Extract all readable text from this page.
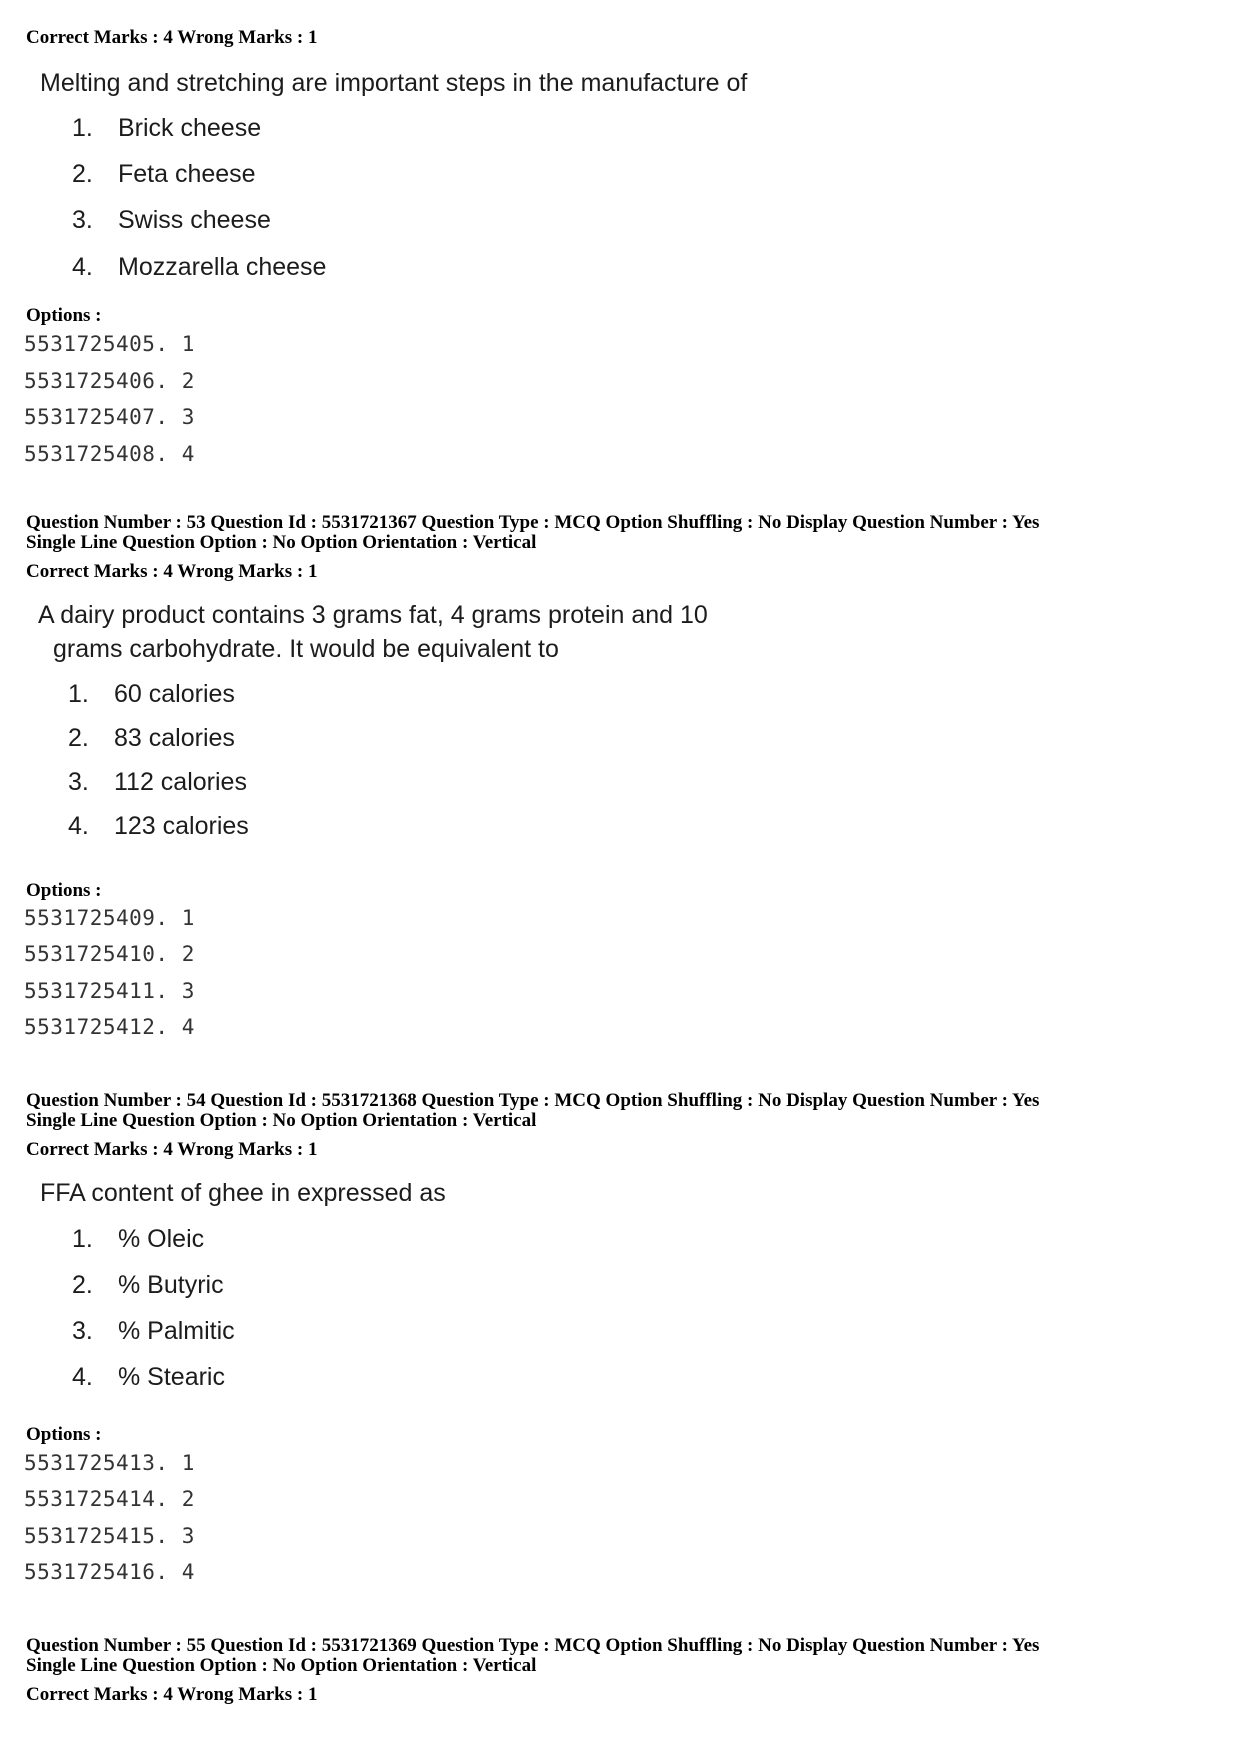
Correct Marks : 4 Wrong Marks : 1
Melting and stretching are important steps in the manufacture of
1. Brick cheese
2. Feta cheese
3. Swiss cheese
4. Mozzarella cheese
Options :
5531725405. 1
5531725406. 2
5531725407. 3
5531725408. 4
Question Number : 53 Question Id : 5531721367 Question Type : MCQ Option Shuffling : No Display Question Number : Yes
Single Line Question Option : No Option Orientation : Vertical
Correct Marks : 4 Wrong Marks : 1
A dairy product contains 3 grams fat, 4 grams protein and 10
grams carbohydrate. It would be equivalent to
1. 60 calories
2. 83 calories
3. 112 calories
4. 123 calories
Options :
5531725409. 1
5531725410. 2
5531725411. 3
5531725412. 4
Question Number : 54 Question Id : 5531721368 Question Type : MCQ Option Shuffling : No Display Question Number : Yes
Single Line Question Option : No Option Orientation : Vertical
Correct Marks : 4 Wrong Marks : 1
FFA content of ghee in expressed as
1. % Oleic
2. % Butyric
3. % Palmitic
4. % Stearic
Options :
5531725413. 1
5531725414. 2
5531725415. 3
5531725416. 4
Question Number : 55 Question Id : 5531721369 Question Type : MCQ Option Shuffling : No Display Question Number : Yes
Single Line Question Option : No Option Orientation : Vertical
Correct Marks : 4 Wrong Marks : 1
